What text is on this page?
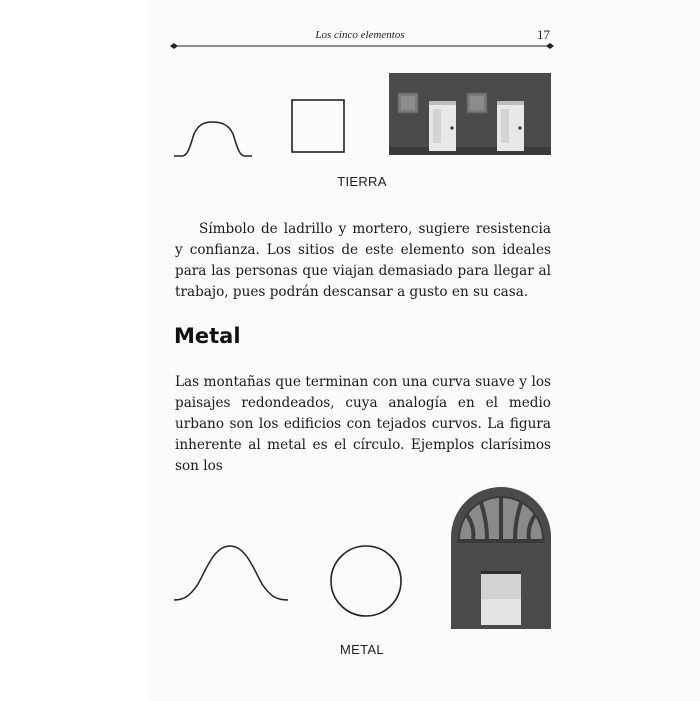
Los cinco elementos	17
TIERRA

Símbolo de ladrillo y mortero, sugiere resistencia y confianza. Los sitios de este elemento son ideales para las personas que viajan demasiado para llegar al trabajo, pues podrán descansar a gusto en su casa.

Metal

Las montañas que terminan con una curva suave y los paisajes redondeados, cuya analogía en el medio urbano son los edificios con tejados curvos. La figura inherente al metal es el círculo. Ejemplos clarísimos son los

METAL
